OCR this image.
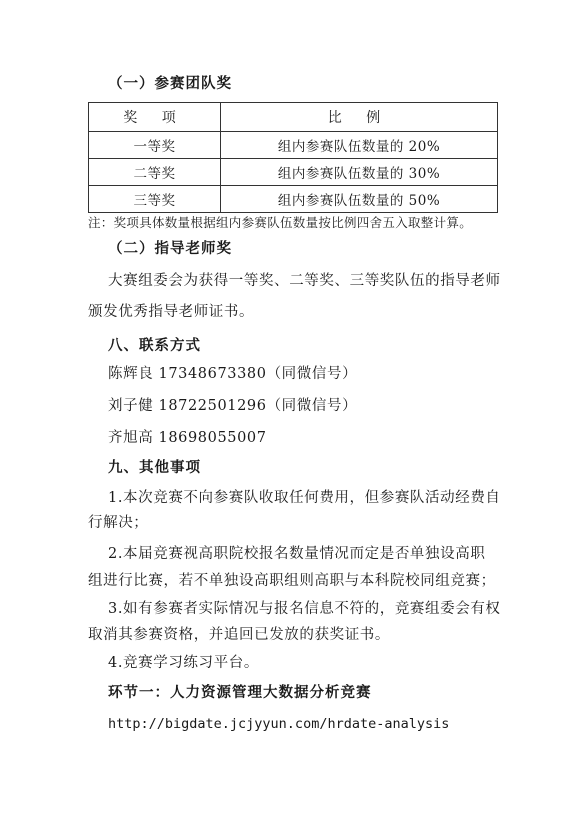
（一）参赛团队奖
奖 项	比 例
一等奖	组内参赛队伍数量的 20%
二等奖	组内参赛队伍数量的 30%
三等奖	组内参赛队伍数量的 50%
注：奖项具体数量根据组内参赛队伍数量按比例四舍五入取整计算。
（二）指导老师奖
大赛组委会为获得一等奖、二等奖、三等奖队伍的指导老师
颁发优秀指导老师证书。
八、联系方式
陈辉良 17348673380（同微信号）
刘子健 18722501296（同微信号）
齐旭高 18698055007
九、其他事项
1.本次竞赛不向参赛队收取任何费用，但参赛队活动经费自
行解决；
2.本届竞赛视高职院校报名数量情况而定是否单独设高职
组进行比赛，若不单独设高职组则高职与本科院校同组竞赛；
3.如有参赛者实际情况与报名信息不符的，竞赛组委会有权
取消其参赛资格，并追回已发放的获奖证书。
4.竞赛学习练习平台。
环节一：人力资源管理大数据分析竞赛
http://bigdate.jcjyyun.com/hrdate-analysis
